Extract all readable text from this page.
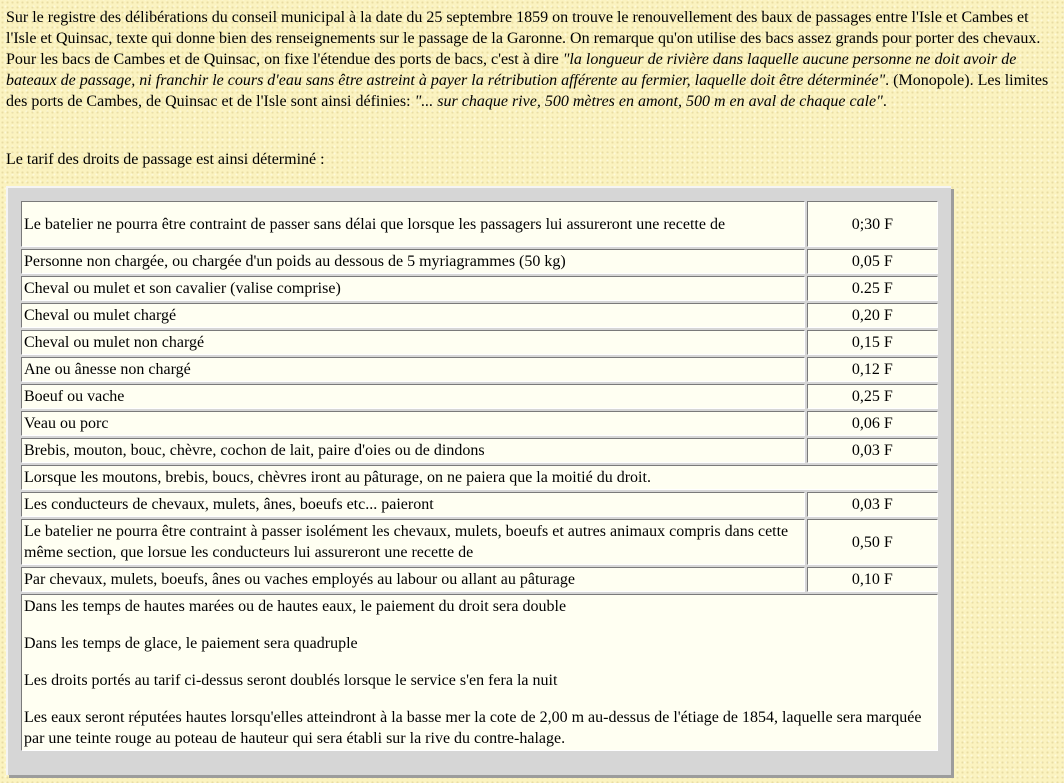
Sur le registre des délibérations du conseil municipal à la date du 25 septembre 1859 on trouve le renouvellement des baux de passages entre l'Isle et Cambes et l'Isle et Quinsac, texte qui donne bien des renseignements sur le passage de la Garonne. On remarque qu'on utilise des bacs assez grands pour porter des chevaux. Pour les bacs de Cambes et de Quinsac, on fixe l'étendue des ports de bacs, c'est à dire "la longueur de rivière dans laquelle aucune personne ne doit avoir de bateaux de passage, ni franchir le cours d'eau sans être astreint à payer la rétribution afférente au fermier, laquelle doit être déterminée". (Monopole). Les limites des ports de Cambes, de Quinsac et de l'Isle sont ainsi définies: "... sur chaque rive, 500 mètres en amont, 500 m en aval de chaque cale".

Le tarif des droits de passage est ainsi déterminé :

Le batelier ne pourra être contraint de passer sans délai que lorsque les passagers lui assureront une recette de	0;30 F
Personne non chargée, ou chargée d'un poids au dessous de 5 myriagrammes (50 kg)	0,05 F
Cheval ou mulet et son cavalier (valise comprise)	0.25 F
Cheval ou mulet chargé	0,20 F
Cheval ou mulet non chargé	0,15 F
Ane ou ânesse non chargé	0,12 F
Boeuf ou vache	0,25 F
Veau ou porc	0,06 F
Brebis, mouton, bouc, chèvre, cochon de lait, paire d'oies ou de dindons	0,03 F
Lorsque les moutons, brebis, boucs, chèvres iront au pâturage, on ne paiera que la moitié du droit.	
Les conducteurs de chevaux, mulets, ânes, boeufs etc... paieront	0,03 F
Le batelier ne pourra être contraint à passer isolément les chevaux, mulets, boeufs et autres animaux compris dans cette même section, que lorsue les conducteurs lui assureront une recette de	0,50 F
Par chevaux, mulets, boeufs, ânes ou vaches employés au labour ou allant au pâturage	0,10 F

Dans les temps de hautes marées ou de hautes eaux, le paiement du droit sera double

Dans les temps de glace, le paiement sera quadruple

Les droits portés au tarif ci-dessus seront doublés lorsque le service s'en fera la nuit

Les eaux seront réputées hautes lorsqu'elles atteindront à la basse mer la cote de 2,00 m au-dessus de l'étiage de 1854, laquelle sera marquée par une teinte rouge au poteau de hauteur qui sera établi sur la rive du contre-halage.	
